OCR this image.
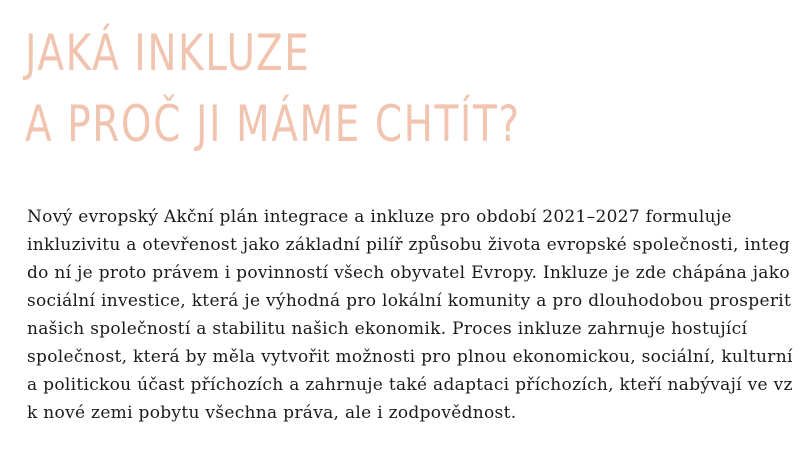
JAKÁ INKLUZE
A PROČ JI MÁME CHTÍT?

Nový evropský Akční plán integrace a inkluze pro období 2021–2027 formuluje
inkluzivitu a otevřenost jako základní pilíř způsobu života evropské společnosti, integ
do ní je proto právem i povinností všech obyvatel Evropy. Inkluze je zde chápána jako
sociální investice, která je výhodná pro lokální komunity a pro dlouhodobou prosperit
našich společností a stabilitu našich ekonomik. Proces inkluze zahrnuje hostující
společnost, která by měla vytvořit možnosti pro plnou ekonomickou, sociální, kulturní
a politickou účast příchozích a zahrnuje také adaptaci příchozích, kteří nabývají ve vz
k nové zemi pobytu všechna práva, ale i zodpovědnost.
